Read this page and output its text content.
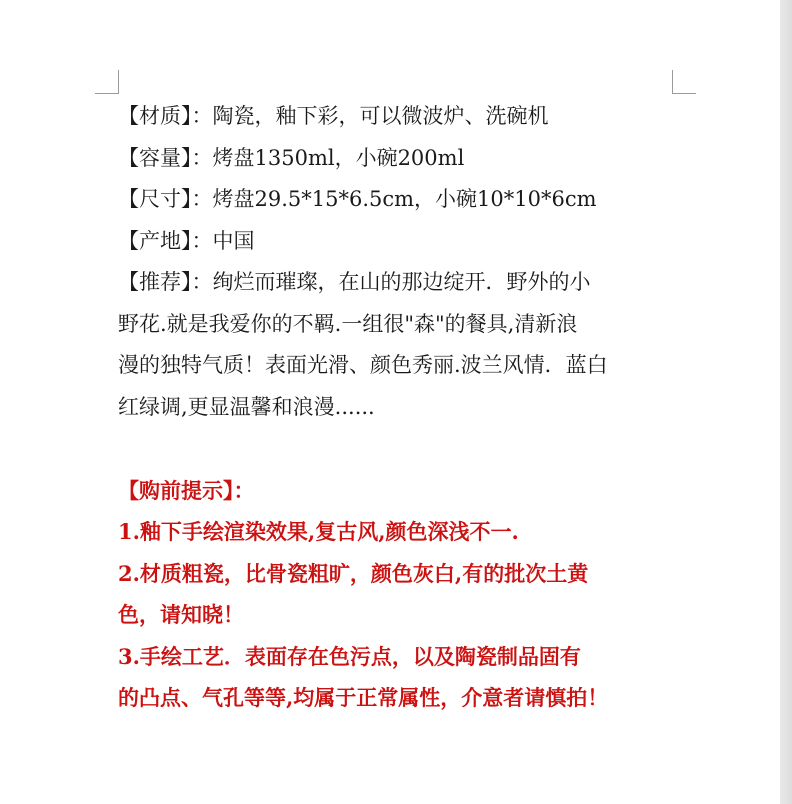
【材质】：陶瓷，釉下彩，可以微波炉、洗碗机

【容量】：烤盘1350ml，小碗200ml

【尺寸】：烤盘29.5*15*6.5cm，小碗10*10*6cm

【产地】：中国

【推荐】：绚烂而璀璨，在山的那边绽开．野外的小

野花.就是我爱你的不羁.一组很"森"的餐具,清新浪

漫的独特气质！表面光滑、颜色秀丽.波兰风情．蓝白

红绿调,更显温馨和浪漫......

【购前提示】：

1.釉下手绘渲染效果,复古风,颜色深浅不一.

2.材质粗瓷，比骨瓷粗旷，颜色灰白,有的批次土黄

色，请知晓！

3.手绘工艺．表面存在色污点，以及陶瓷制品固有

的凸点、气孔等等,均属于正常属性，介意者请慎拍！
